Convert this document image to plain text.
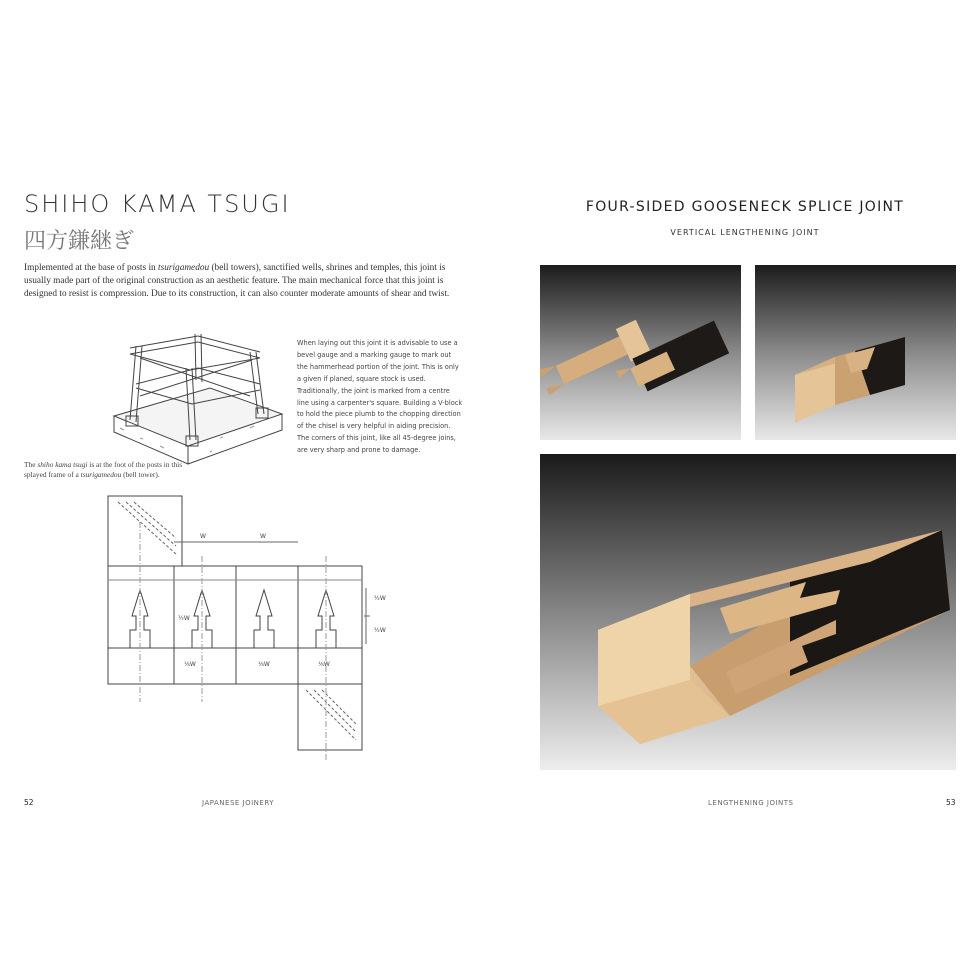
SHIHO KAMA TSUGI
四方鎌継ぎ
Implemented at the base of posts in tsurigamedou (bell towers), sanctified wells, shrines and temples, this joint is usually made part of the original construction as an aesthetic feature. The main mechanical force that this joint is designed to resist is compression. Due to its construction, it can also counter moderate amounts of shear and twist.
When laying out this joint it is advisable to use a bevel gauge and a marking gauge to mark out the hammerhead portion of the joint. This is only a given if planed, square stock is used. Traditionally, the joint is marked from a centre line using a carpenter's square. Building a V-block to hold the piece plumb to the chopping direction of the chisel is very helpful in aiding precision. The corners of this joint, like all 45-degree joins, are very sharp and prone to damage.
The shiho kama tsugi is at the foot of the posts in this splayed frame of a tsurigamedou (bell tower).
W	W
½W
½W
½W
⅛W	⅛W	⅛W
52	JAPANESE JOINERY
FOUR-SIDED GOOSENECK SPLICE JOINT
VERTICAL LENGTHENING JOINT
LENGTHENING JOINTS	53
